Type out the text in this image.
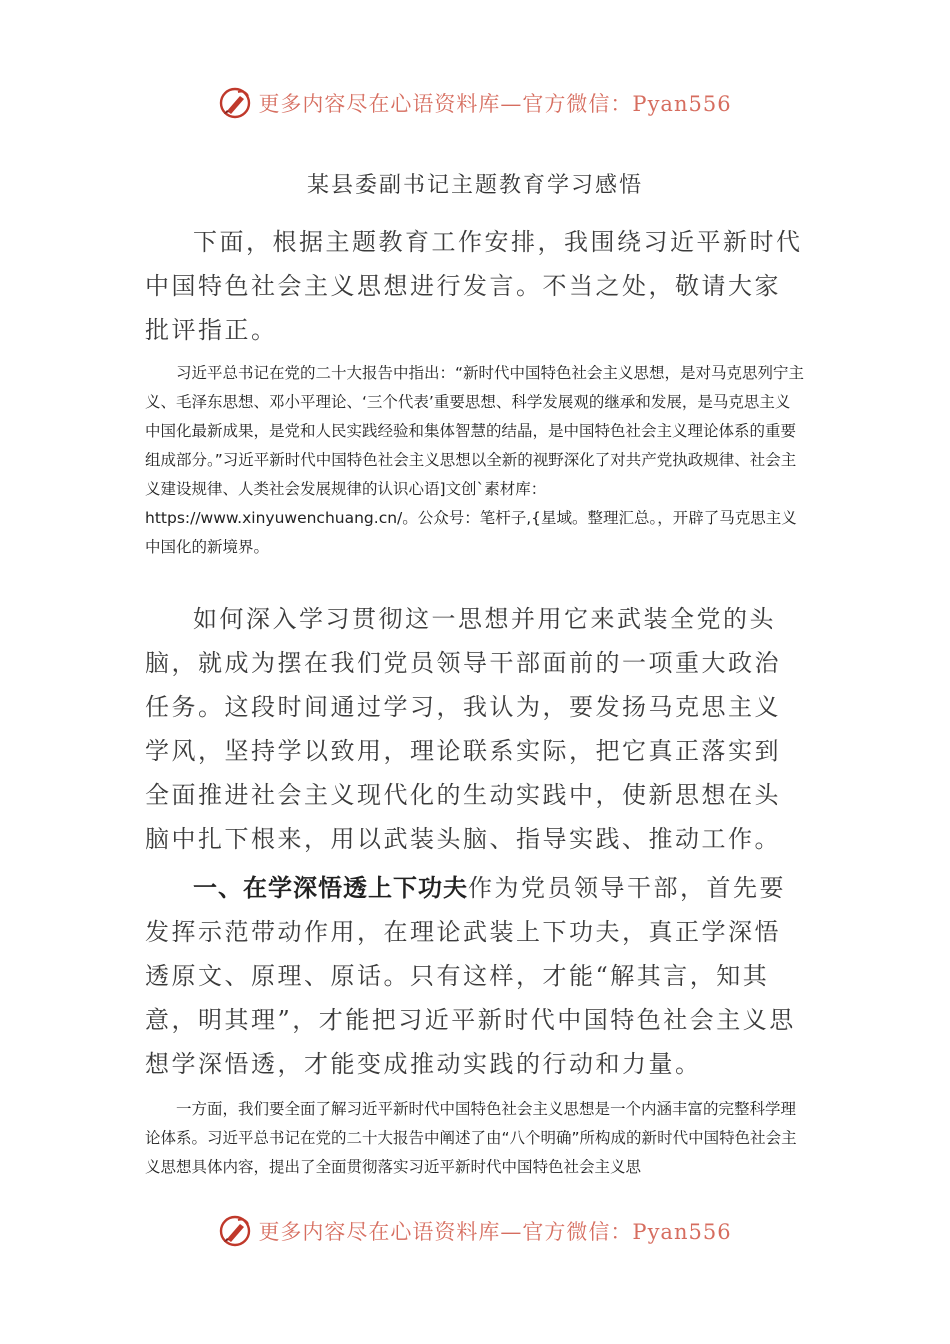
更多内容尽在心语资料库—官方微信：Pyan556
某县委副书记主题教育学习感悟

下面，根据主题教育工作安排，我围绕习近平新时代中国特色社会主义思想进行发言。不当之处，敬请大家批评指正。

习近平总书记在党的二十大报告中指出：“新时代中国特色社会主义思想，是对马克思列宁主义、毛泽东思想、邓小平理论、‘三个代表’重要思想、科学发展观的继承和发展，是马克思主义中国化最新成果，是党和人民实践经验和集体智慧的结晶，是中国特色社会主义理论体系的重要组成部分。”习近平新时代中国特色社会主义思想以全新的视野深化了对共产党执政规律、社会主义建设规律、人类社会发展规律的认识心语]文创`素材库：https://www.xinyuwenchuang.cn/。公众号：笔杆子,{星域。整理汇总。，开辟了马克思主义中国化的新境界。

如何深入学习贯彻这一思想并用它来武装全党的头脑，就成为摆在我们党员领导干部面前的一项重大政治任务。这段时间通过学习，我认为，要发扬马克思主义学风，坚持学以致用，理论联系实际，把它真正落实到全面推进社会主义现代化的生动实践中，使新思想在头脑中扎下根来，用以武装头脑、指导实践、推动工作。

一、在学深悟透上下功夫作为党员领导干部，首先要发挥示范带动作用，在理论武装上下功夫，真正学深悟透原文、原理、原话。只有这样，才能“解其言，知其意，明其理”，才能把习近平新时代中国特色社会主义思想学深悟透，才能变成推动实践的行动和力量。

一方面，我们要全面了解习近平新时代中国特色社会主义思想是一个内涵丰富的完整科学理论体系。习近平总书记在党的二十大报告中阐述了由“八个明确”所构成的新时代中国特色社会主义思想具体内容，提出了全面贯彻落实习近平新时代中国特色社会主义思

更多内容尽在心语资料库—官方微信：Pyan556
